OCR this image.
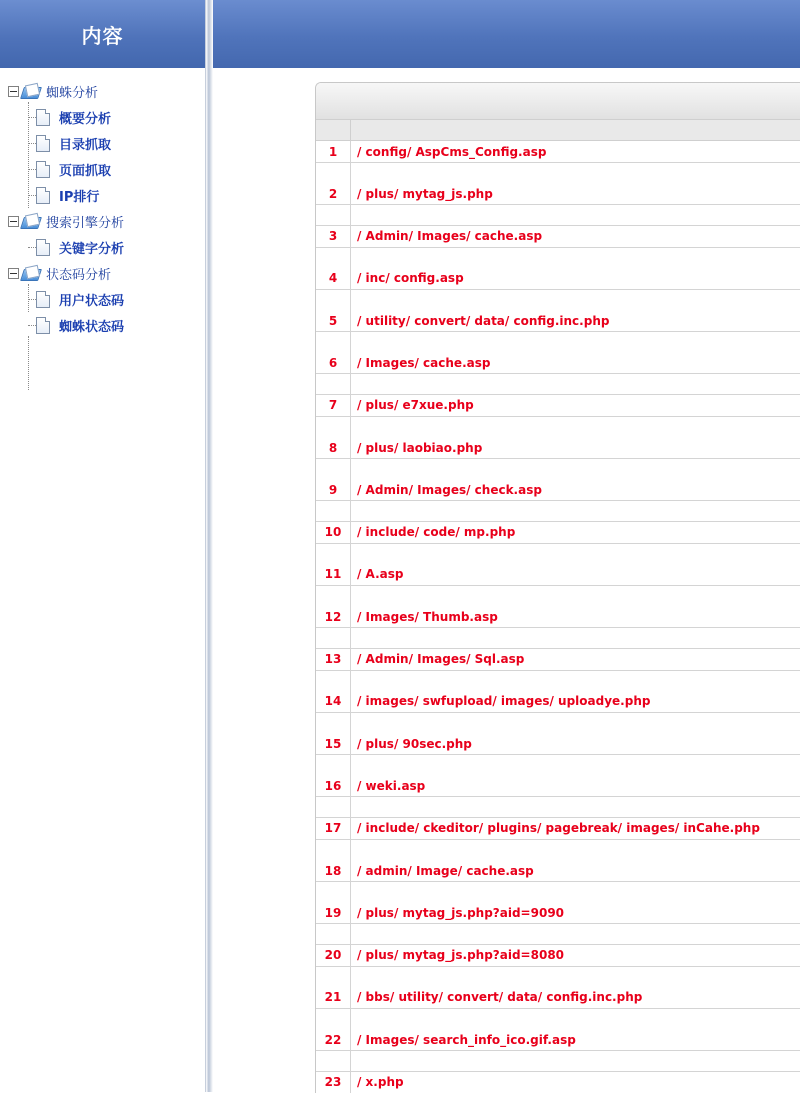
内容
蜘蛛分析
概要分析
目录抓取
页面抓取
IP排行
搜索引擎分析
关键字分析
状态码分析
用户状态码
蜘蛛状态码
1	/ config/ AspCms_Config.asp
2	/ plus/ mytag_js.php
3	/ Admin/ Images/ cache.asp
4	/ inc/ config.asp
5	/ utility/ convert/ data/ config.inc.php
6	/ Images/ cache.asp
7	/ plus/ e7xue.php
8	/ plus/ laobiao.php
9	/ Admin/ Images/ check.asp
10	/ include/ code/ mp.php
11	/ A.asp
12	/ Images/ Thumb.asp
13	/ Admin/ Images/ Sql.asp
14	/ images/ swfupload/ images/ uploadye.php
15	/ plus/ 90sec.php
16	/ weki.asp
17	/ include/ ckeditor/ plugins/ pagebreak/ images/ inCahe.php
18	/ admin/ Image/ cache.asp
19	/ plus/ mytag_js.php?aid=9090
20	/ plus/ mytag_js.php?aid=8080
21	/ bbs/ utility/ convert/ data/ config.inc.php
22	/ Images/ search_info_ico.gif.asp
23	/ x.php
